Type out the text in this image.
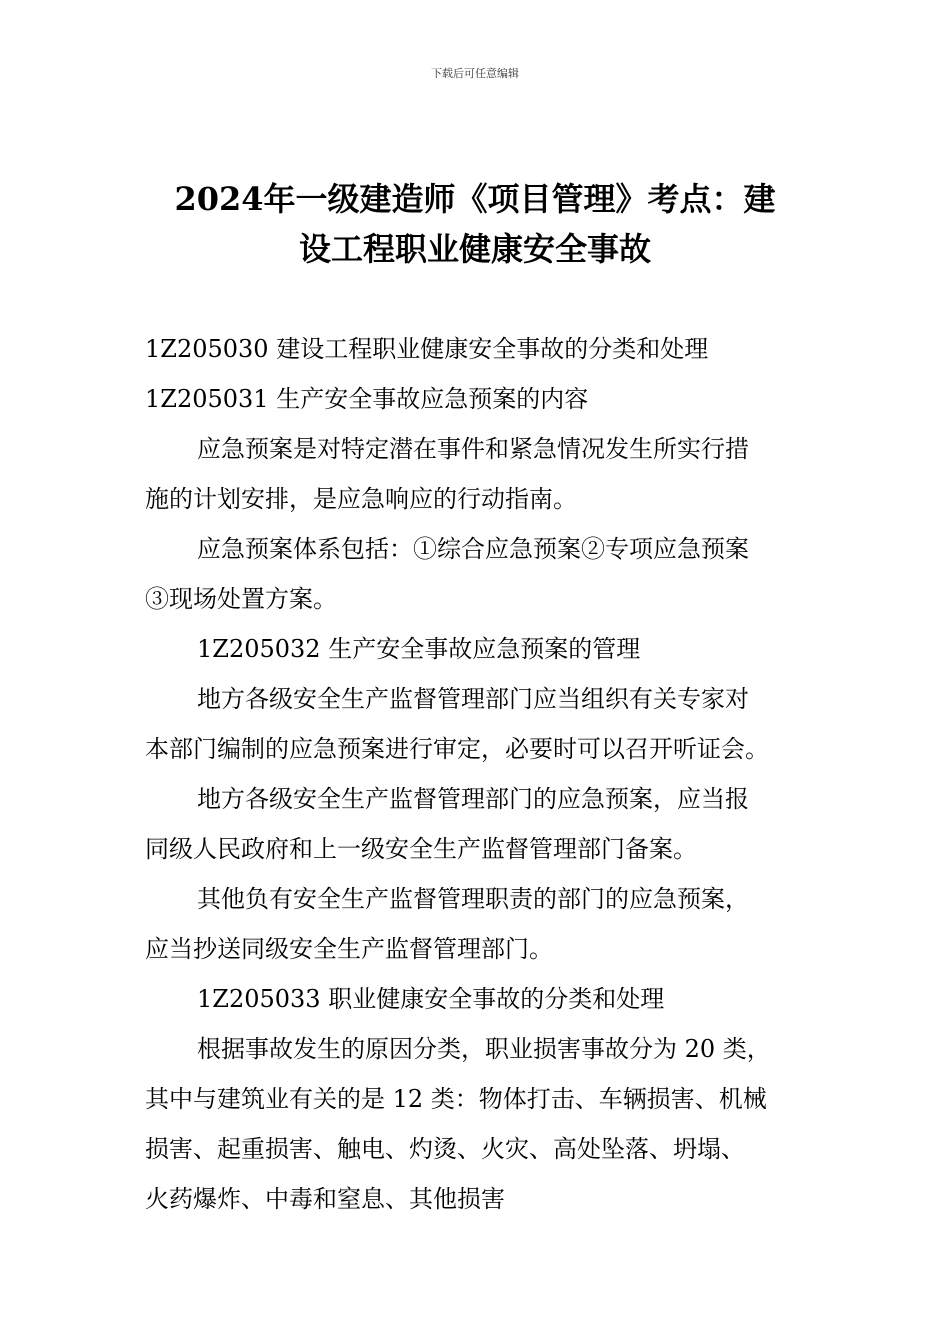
下载后可任意编辑
2024年一级建造师《项目管理》考点：建
设工程职业健康安全事故
1Z205030 建设工程职业健康安全事故的分类和处理
1Z205031 生产安全事故应急预案的内容
应急预案是对特定潜在事件和紧急情况发生所实行措
施的计划安排，是应急响应的行动指南。
应急预案体系包括：①综合应急预案②专项应急预案
③现场处置方案。
1Z205032 生产安全事故应急预案的管理
地方各级安全生产监督管理部门应当组织有关专家对
本部门编制的应急预案进行审定，必要时可以召开听证会。
地方各级安全生产监督管理部门的应急预案，应当报
同级人民政府和上一级安全生产监督管理部门备案。
其他负有安全生产监督管理职责的部门的应急预案，
应当抄送同级安全生产监督管理部门。
1Z205033 职业健康安全事故的分类和处理
根据事故发生的原因分类，职业损害事故分为 20 类，
其中与建筑业有关的是 12 类：物体打击、车辆损害、机械
损害、起重损害、触电、灼烫、火灾、高处坠落、坍塌、
火药爆炸、中毒和窒息、其他损害
